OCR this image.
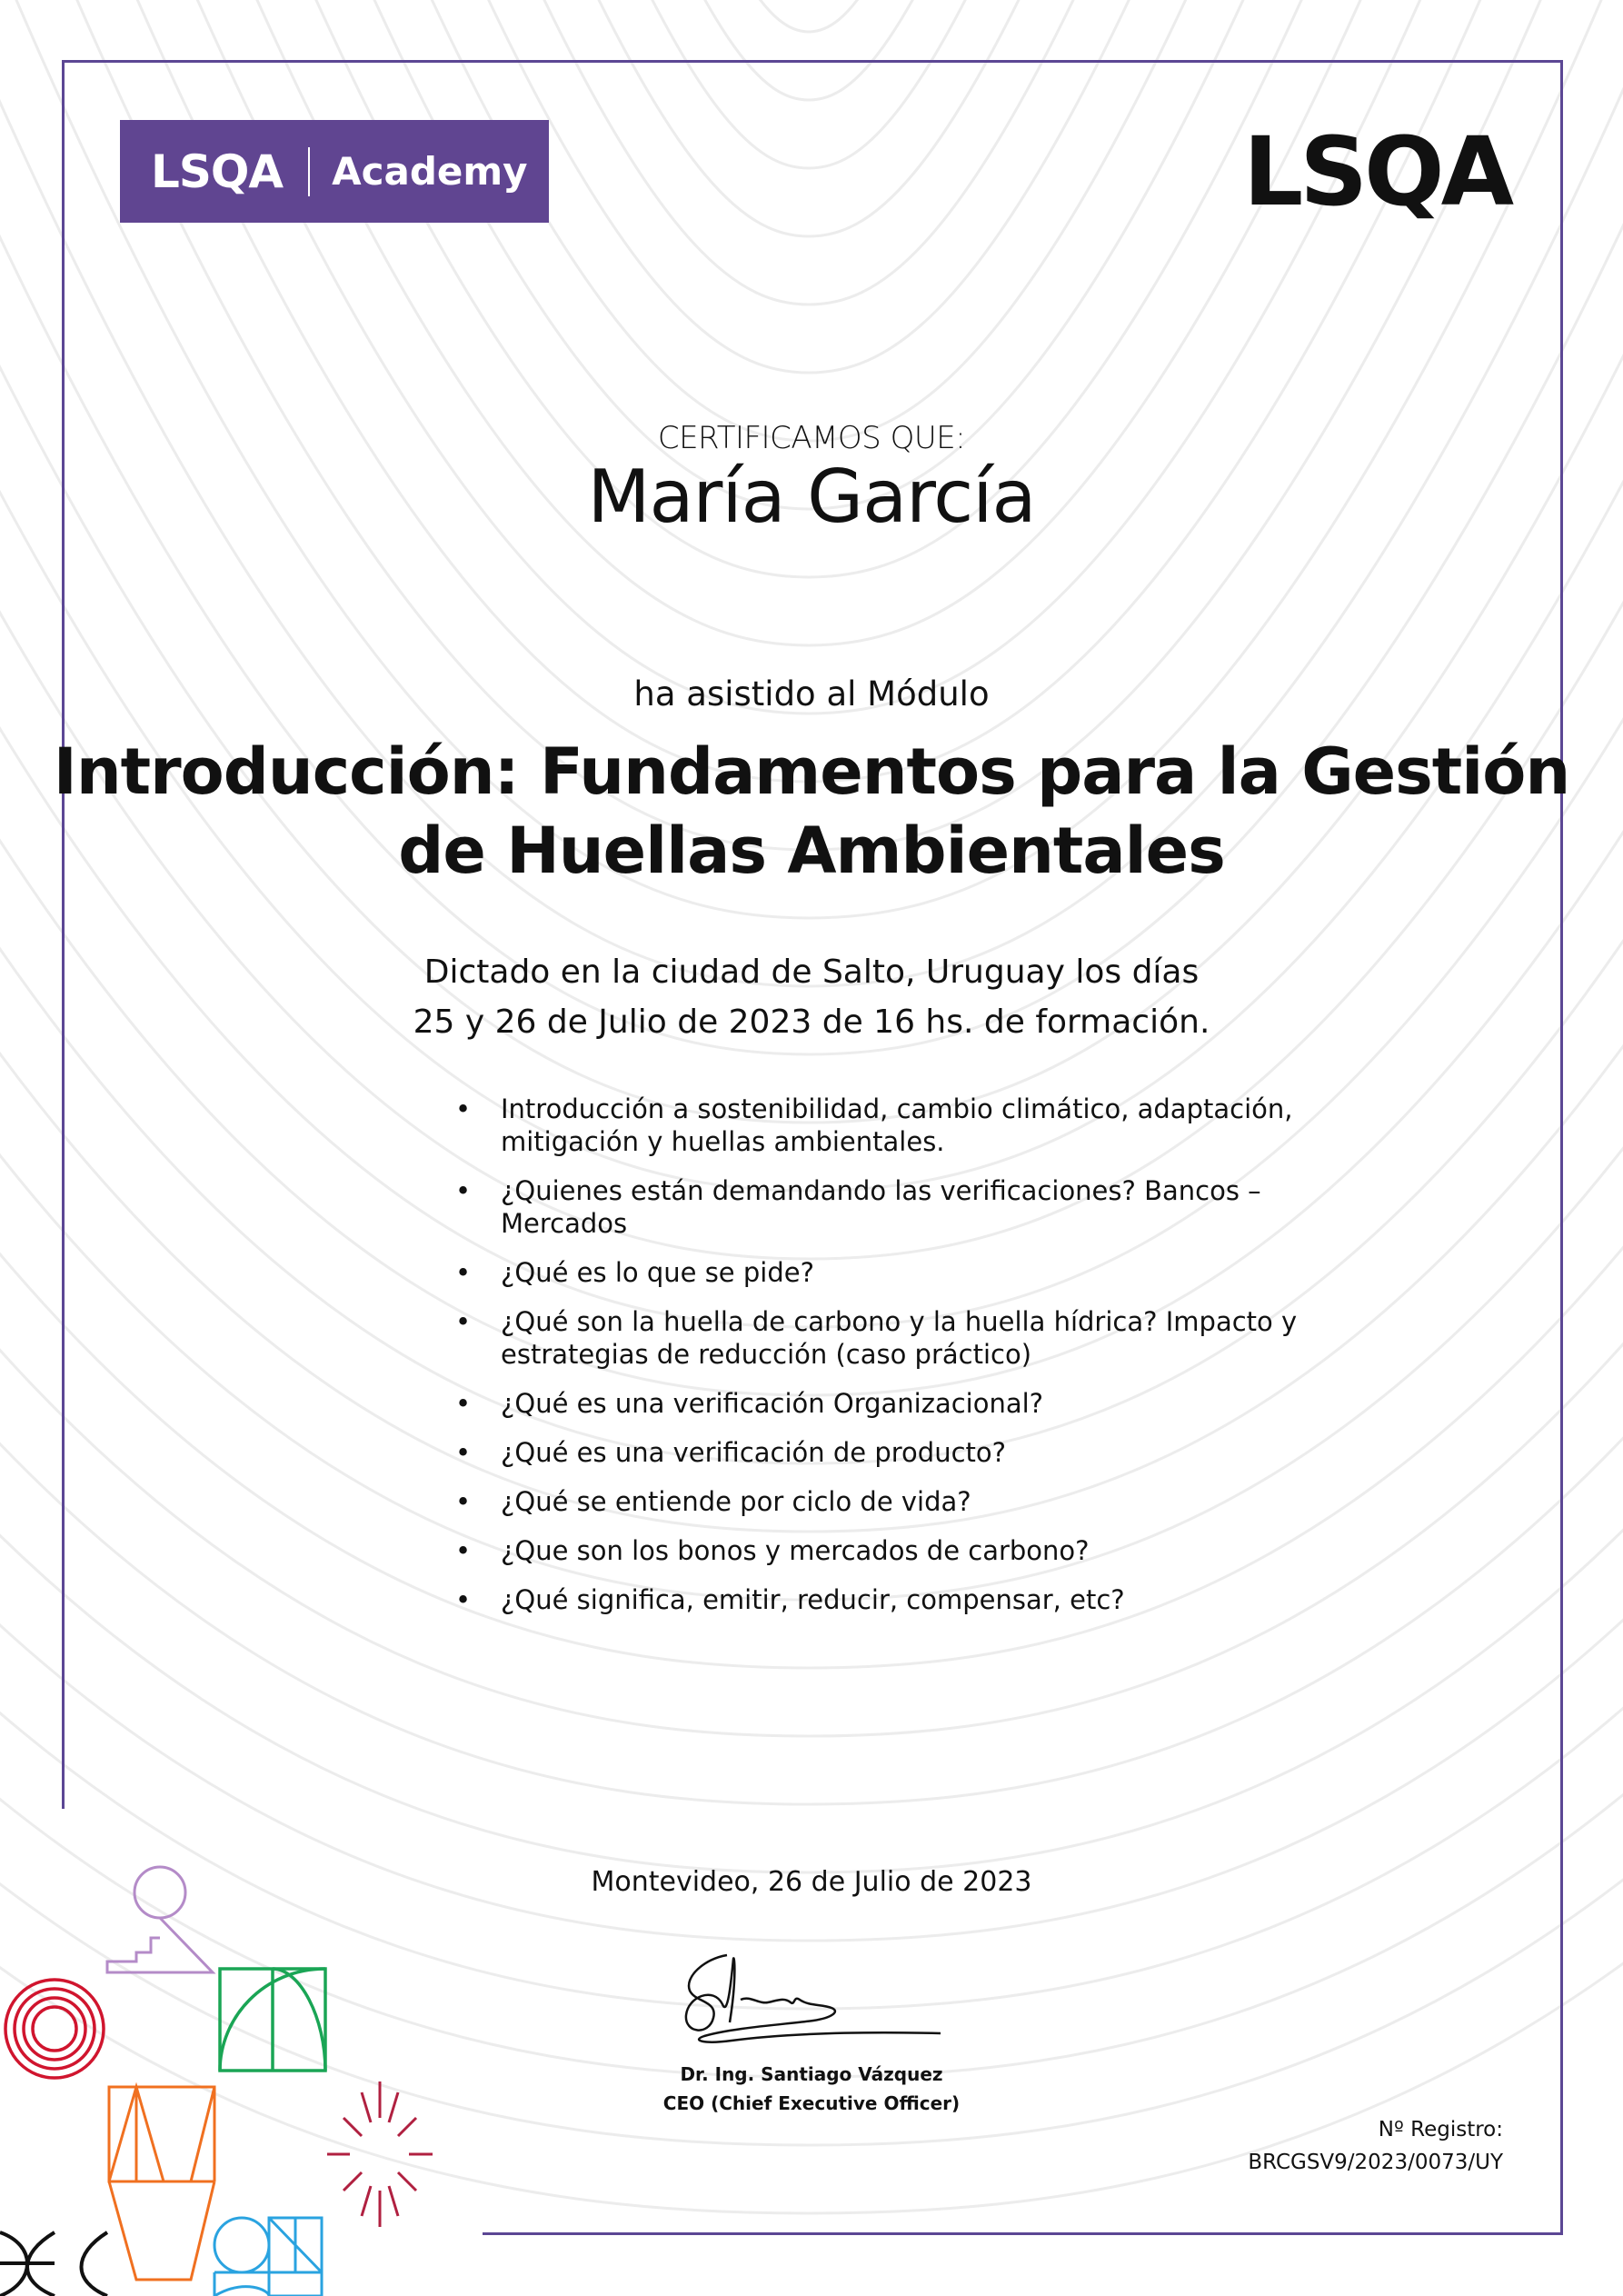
LSQA Academy	LSQA
CERTIFICAMOS QUE:
María García
ha asistido al Módulo
Introducción: Fundamentos para la Gestión
de Huellas Ambientales
Dictado en la ciudad de Salto, Uruguay los días
25 y 26 de Julio de 2023 de 16 hs. de formación.
• Introducción a sostenibilidad, cambio climático, adaptación, mitigación y huellas ambientales.
• ¿Quienes están demandando las verificaciones? Bancos – Mercados
• ¿Qué es lo que se pide?
• ¿Qué son la huella de carbono y la huella hídrica? Impacto y estrategias de reducción (caso práctico)
• ¿Qué es una verificación Organizacional?
• ¿Qué es una verificación de producto?
• ¿Qué se entiende por ciclo de vida?
• ¿Que son los bonos y mercados de carbono?
• ¿Qué significa, emitir, reducir, compensar, etc?
Montevideo, 26 de Julio de 2023
Dr. Ing. Santiago Vázquez
CEO (Chief Executive Officer)
Nº Registro:
BRCGSV9/2023/0073/UY
